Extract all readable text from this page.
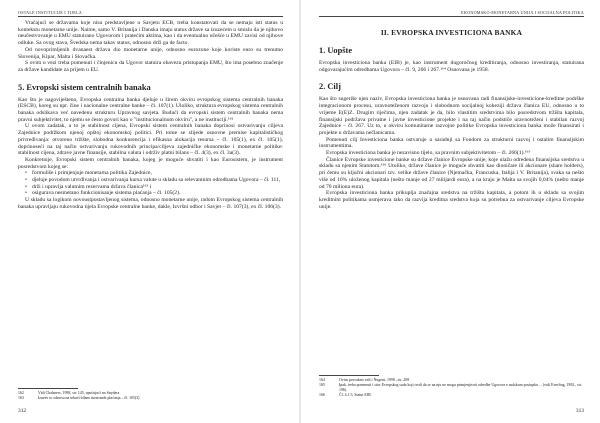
OSTALE INSTITUCIJE I TIJELA

Vračajući se državama koje nisu predstavljene u Savjetu ECB, treba konstatovati da se nemaju isti status u kontekstu monetarne unije. Naime, samo V. Britanija i Danska imaju status države sa izuzećem u smislu da je njihovo neučestvovanje u EMU statuirano Ugovorom i pratećim aktima, kao i da eventualno učešće u EMU zavisi od njihove odluke. Sa ovog stava, Švedska nema takav status, odnosno drži ga de facto.

Od novoprimljenih dvanaest država dio monetarne unije, odnosno eurozone koje koriste euro su trenutno Slovenija, Kipar, Malta i Slovačka.

S ovim u vezi treba pomenuti i činjenicu da Ugovor statuira obavezu pristupanja EMU, što ima posebno značenje za države kandidate za prijem u EU.

5. Evropski sistem centralnih banaka

Kao što je nagoviješteno, Evropska centralna banka djeluje u širem okviru evropskog sistema centralnih banaka (ESCB), koreg su npr. čine i nacionalne centralne banke – čl. 107(1). Uloliko, struktura evropskog sistema centralnih banaka odslikava već navedenu strukturu Upravnog savjeta. Budući da evropski sistem centralnih banaka nema pravni subjektivitet, to njemu se često govori kao o "institucionalnom okviru", a ne instituciji.¹⁶²

U ovom zadatak, a to je stabilnost cijena, Evropski sistem centralnih banaka doprinosi ostvarivanju ciljeva Zajednice podržkom njenoj opštoj ekonomskoj politici. Pri tome se slijede osnovne premise kapitalističkog privređivanja: otvoreno tržište, slobodna konkurencija i efikasna alokacija resursa – čl. 105(1), ex čl. 105(1), doprinoseći na taj način ostvarivanju rukovodnih principa/ciljeva zajedničke ekonomske i monetarne politike: stabilnost cijena, zdrave javne finansije, stabilna valuta i održiv platni bilans – čl. 4(3), ex čl. 3a(3).

Konkretnije, Evropski sistem centralnih banaka, kojeg je moguće shvatiti i kao Eurosistem, je instrument posredstvom kojeg se:

• formuliše i primjenjuje monetarna politika Zajednice,
• djeluje povodom utvrđivanja i ostvarivanja kursa valute u skladu sa relevantnim odredbama Ugovora – čl. 111,
• drži i upravlja valutnim rezervama država članica¹⁶³ i
• osigurava nesmetano funkcionisanje sistema plaćanja – čl. 105(2).

U skladu sa logikom novoustpostavljenog sistema, odnosno monetarne unije, radom Evropskog sistema centralnih banaka upravljaju rukovodna tijela Evropske centralne banke, dakle, Izvršni odbor i Savjet – čl. 107(3), ex čl. 106(3).

162	Vidi Chalmers, 1998, str. 145, upućujući na Snydera
163	Izuzev to odnosu na tekući bilans inostranih plaćanja – čl. 105(3)
312
EKONOMSKO-MONETARNA UNIJA I SOCIJALNA POLITIKA
II. EVROPSKA INVESTICIONA BANKA
1. Uopšte

Evropska investiciona banka (EIB) je, kao instrument dugoročnog kreditiranja, odnosno investiranja, statuirana odgovarajućim odredbama Ugovora – čl. 9, 266 i 267.¹⁶⁴ Osnovana je 1958.

2. Cilj

Kao što sugeriše njen naziv, Evropska investiciona banka je osnovana radi finansijske-investicione-kreditne podrške integracionom procesu, uravnoteženom razvoju i slobodnom socijalnoj koheziji država članica EU, odnosno u to vrijeme E(E)Z. Drugim riječima, njen zadatak je da, bilo vlastitim sredstvima bilo posredstvom tržišta kapitala, finansijski podržava privatne i javne investicione projekte i na taj način podstiče uravnoteženi i stabilan razvoj Zajednice – čl. 267. Uz to, u okviru komunitarne razvojne politike Evropska investiciona banka može finansirati i projekte u državama nečlanicama.

Pomenuti cilj Investiciona banka ostvaruje u saradnji sa Fondom za strukturni razvoj i ostalim finansijskim instrumentima.

Evropska investiciona banka je nezavisno tijelo, sa pravnim subjektivitetom – čl. 266(1).¹⁶⁵

Članice Evropske investicione banke su države članice Evropske unije, koje ulažu određena finansijska sredstva u skladu sa njenim Statutom.¹⁶⁶ Utoliko, države članice je moguće shvatiti kao dioničare ili akcionare (share holders), pri čemu su ključni akcionari tzv. velike države članice (Njemačka, Francuska, Italija i V. Britanija), svaka sa nešto više od 16% uloženog kapitala (nešto manje od 27 milijardi eura), a na kraju je Malta sa svojih 0,04% (nešto manje od 70 miliona eura).

Evropska investiciona banka prikuplja značajna sredstva na tržištu kapitala, a potom ih u skladu sa svojim kreditnim politikama usmjerava tako da razvija kreditna sredstva koja su potrebna za ostvarivanje ciljeva Evropske unije.

164	Ovim povodom vidi i Nugent, 1998., str. 208
165	Ipak, treba pomenuti i stav Evropskog suda koji tvrdi da se na nju ne mogu primjenjivati odredbe Ugovora o sudskom postupku ... (vidi Everling, 1992., str. 196).
166	Čl. 4.1.5, Statut EIB.
313
